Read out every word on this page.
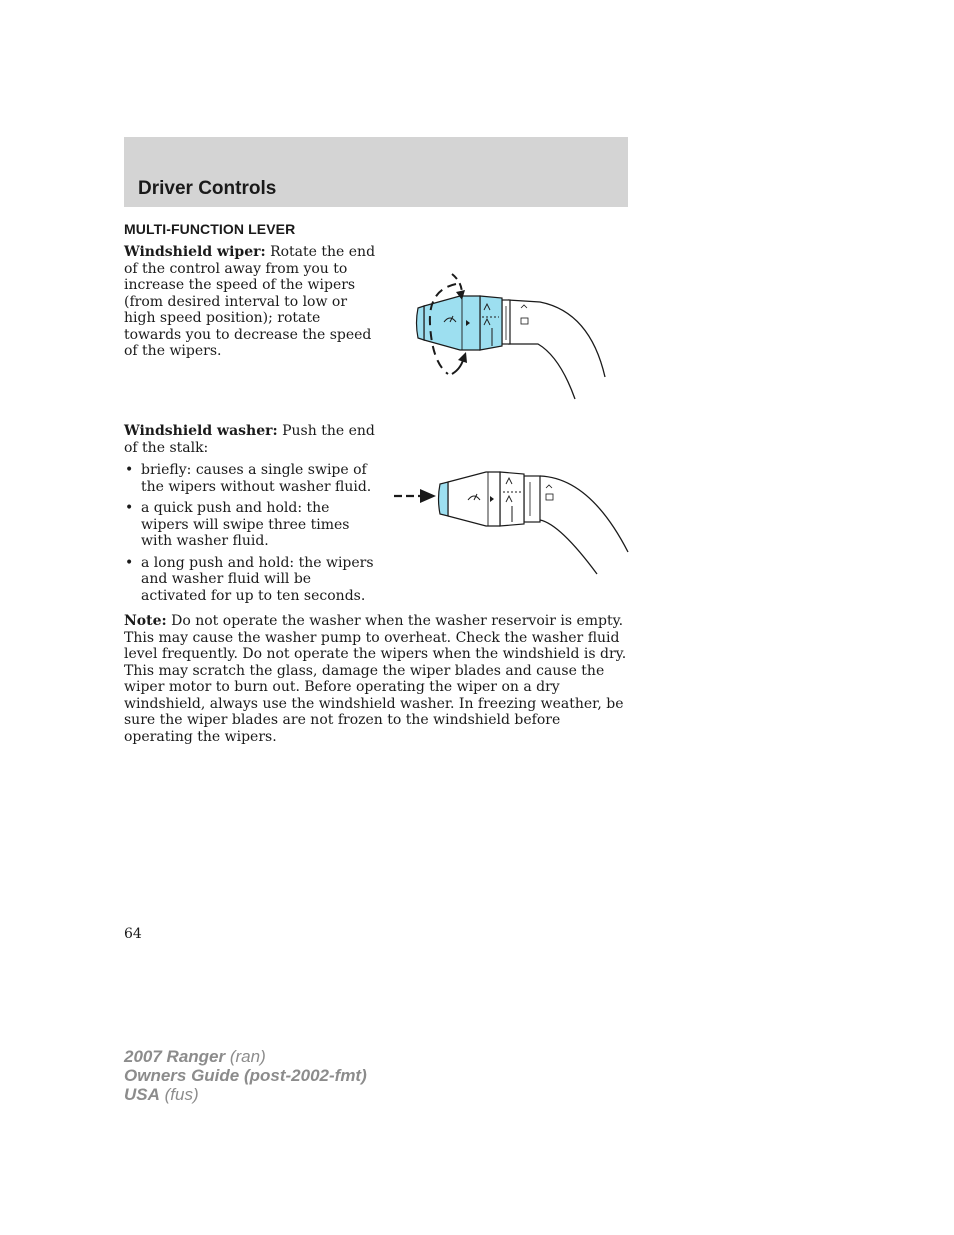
Driver Controls
MULTI-FUNCTION LEVER

Windshield wiper: Rotate the end of the control away from you to increase the speed of the wipers (from desired interval to low or high speed position); rotate towards you to decrease the speed of the wipers.

Windshield washer: Push the end of the stalk:

• briefly: causes a single swipe of the wipers without washer fluid.
• a quick push and hold: the wipers will swipe three times with washer fluid.
• a long push and hold: the wipers and washer fluid will be activated for up to ten seconds.

Note: Do not operate the washer when the washer reservoir is empty. This may cause the washer pump to overheat. Check the washer fluid level frequently. Do not operate the wipers when the windshield is dry. This may scratch the glass, damage the wiper blades and cause the wiper motor to burn out. Before operating the wiper on a dry windshield, always use the windshield washer. In freezing weather, be sure the wiper blades are not frozen to the windshield before operating the wipers.

64
2007 Ranger (ran)
Owners Guide (post-2002-fmt)
USA (fus)
